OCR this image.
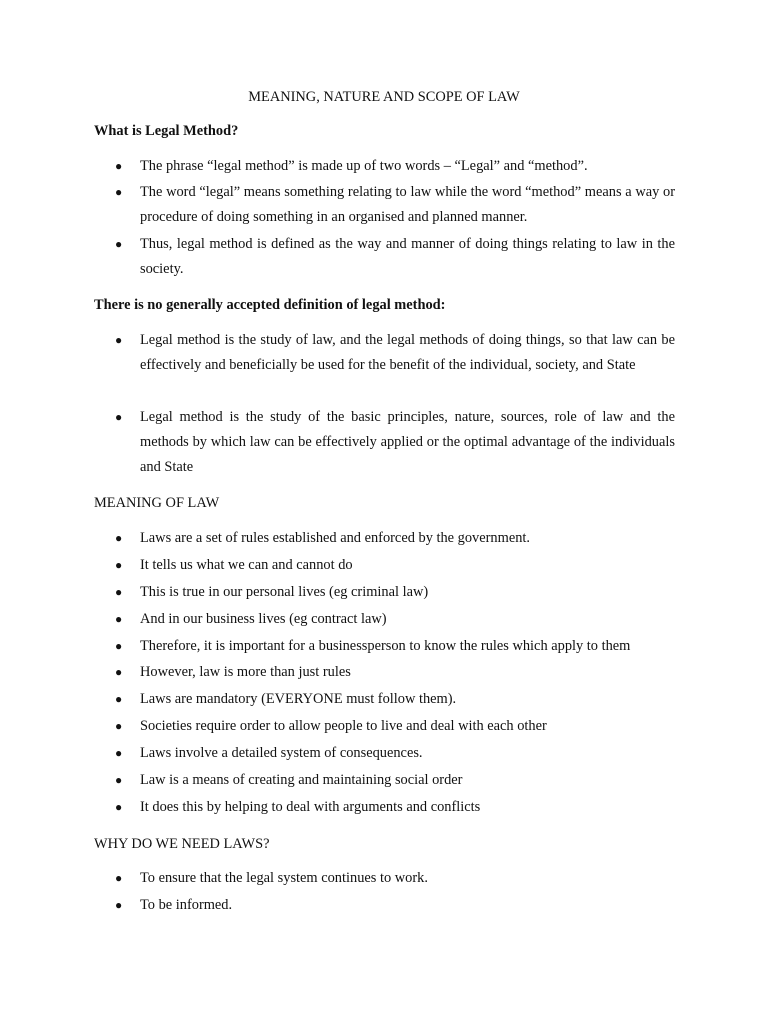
MEANING, NATURE AND SCOPE OF LAW
What is Legal Method?
● The phrase “legal method” is made up of two words – “Legal” and “method”.
● The word “legal” means something relating to law while the word “method” means a way or procedure of doing something in an organised and planned manner.
● Thus, legal method is defined as the way and manner of doing things relating to law in the society.
There is no generally accepted definition of legal method:
● Legal method is the study of law, and the legal methods of doing things, so that law can be effectively and beneficially be used for the benefit of the individual, society, and State
● Legal method is the study of the basic principles, nature, sources, role of law and the methods by which law can be effectively applied or the optimal advantage of the individuals and State
MEANING OF LAW
● Laws are a set of rules established and enforced by the government.
● It tells us what we can and cannot do
● This is true in our personal lives (eg criminal law)
● And in our business lives (eg contract law)
● Therefore, it is important for a businessperson to know the rules which apply to them
● However, law is more than just rules
● Laws are mandatory (EVERYONE must follow them).
● Societies require order to allow people to live and deal with each other
● Laws involve a detailed system of consequences.
● Law is a means of creating and maintaining social order
● It does this by helping to deal with arguments and conflicts
WHY DO WE NEED LAWS?
● To ensure that the legal system continues to work.
● To be informed.
